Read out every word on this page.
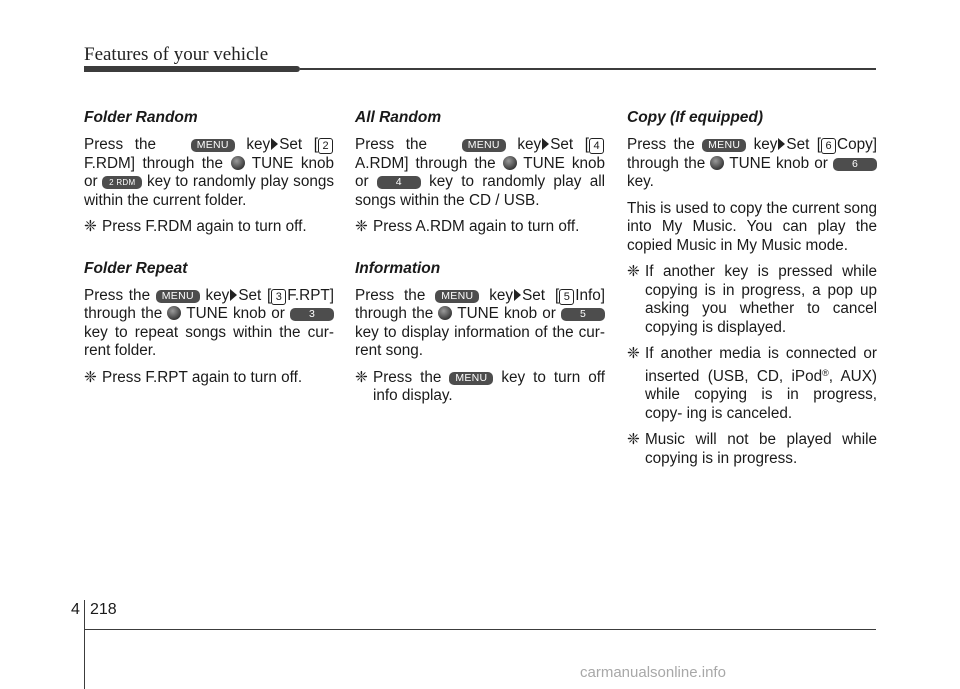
Features of your vehicle
Folder Random

Press the	MENU key Set [ 2 F.RDM] through the TUNE knob or 2 RDM key to randomly play songs within the current folder.

❈ Press F.RDM again to turn off.
Folder Repeat

Press the MENU key Set [ 3 F.RPT] through the TUNE knob or 3 key to repeat songs within the cur- rent folder.

❈ Press F.RPT again to turn off.
All Random

Press the	MENU key Set [ 4 A.RDM] through the TUNE knob or	4 key to randomly play all songs within the CD / USB.

❈ Press A.RDM again to turn off.
Information

Press the MENU key Set [ 5 Info] through the TUNE knob or 5 key to display information of the cur- rent song.

❈ Press the MENU key to turn off info display.
Copy (If equipped)

Press the MENU key Set [ 6 Copy] through the TUNE knob or 6 key.

This is used to copy the current song into My Music. You can play the copied Music in My Music mode.

❈ If another key is pressed while copying is in progress, a pop up asking you whether to cancel copying is displayed.
❈ If another media is connected or inserted (USB, CD, iPod®, AUX) while copying is in progress, copy- ing is canceled.
❈ Music will not be played while copying is in progress.
4 218
carmanualsonline.info
